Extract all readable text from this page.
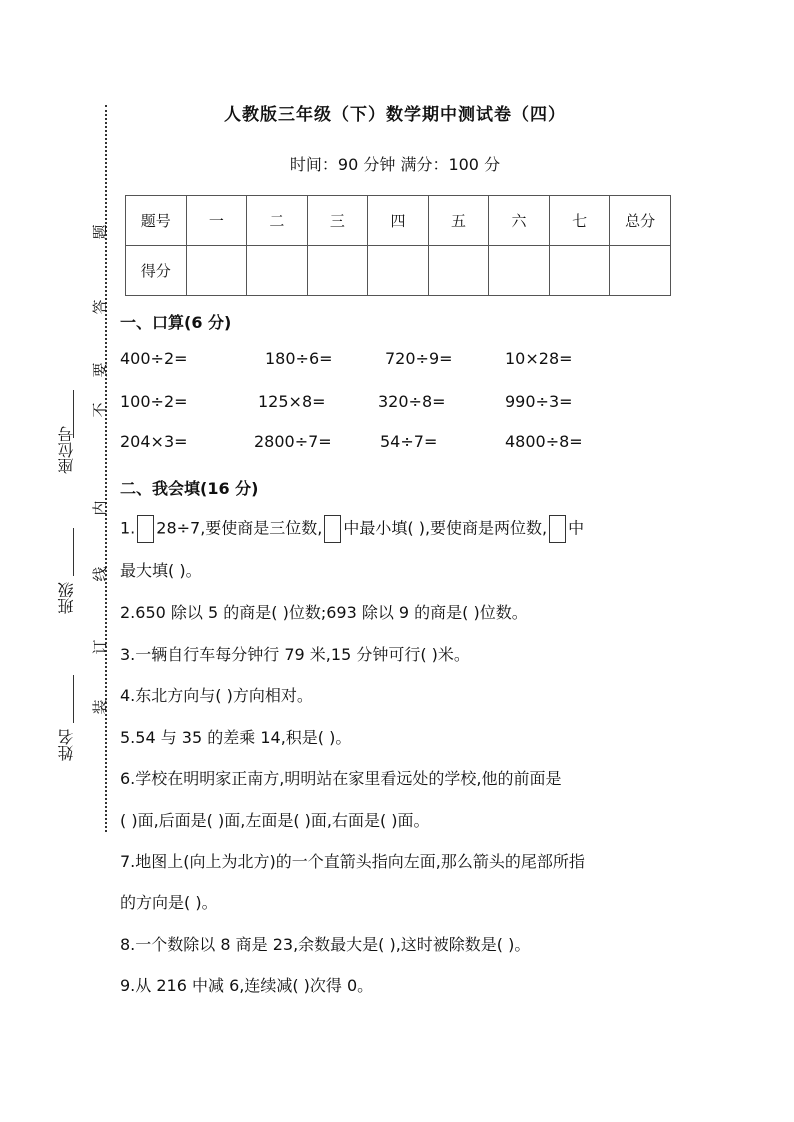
题
答
要
不
内
线
订
装
座位号
班级
姓名
人教版三年级（下）数学期中测试卷（四）
时间：90 分钟 满分：100 分
题号	一	二	三	四	五	六	七	总分
得分								
一、口算(6 分)
400÷2=	180÷6=	720÷9=	10×28=
100÷2=	125×8=	320÷8=	990÷3=
204×3=	2800÷7=	54÷7=	4800÷8=
二、我会填(16 分)
1. 28÷7,要使商是三位数, 中最小填( ),要使商是两位数, 中
最大填( )。
2.650 除以 5 的商是( )位数;693 除以 9 的商是( )位数。
3.一辆自行车每分钟行 79 米,15 分钟可行( )米。
4.东北方向与( )方向相对。
5.54 与 35 的差乘 14,积是( )。
6.学校在明明家正南方,明明站在家里看远处的学校,他的前面是
( )面,后面是( )面,左面是( )面,右面是( )面。
7.地图上(向上为北方)的一个直箭头指向左面,那么箭头的尾部所指
的方向是( )。
8.一个数除以 8 商是 23,余数最大是( ),这时被除数是( )。
9.从 216 中减 6,连续减( )次得 0。
